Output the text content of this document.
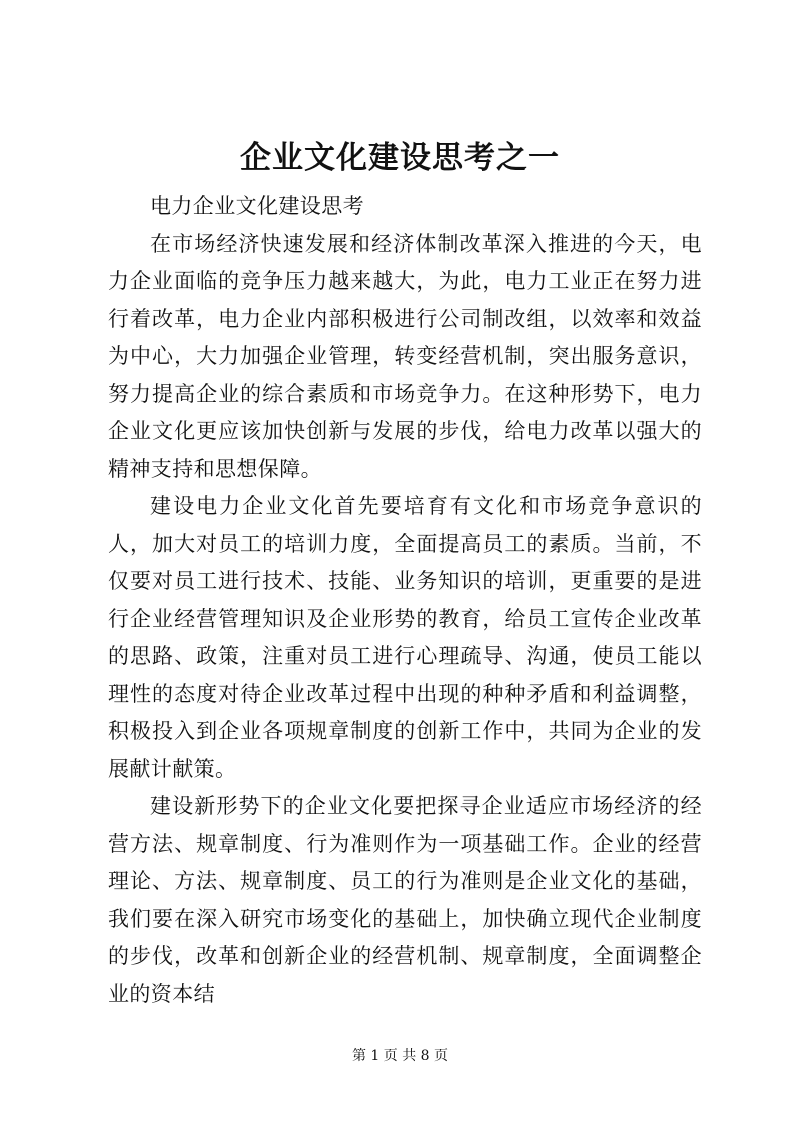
企业文化建设思考之一

电力企业文化建设思考

在市场经济快速发展和经济体制改革深入推进的今天，电力企业面临的竞争压力越来越大，为此，电力工业正在努力进行着改革，电力企业内部积极进行公司制改组，以效率和效益为中心，大力加强企业管理，转变经营机制，突出服务意识，努力提高企业的综合素质和市场竞争力。在这种形势下，电力企业文化更应该加快创新与发展的步伐，给电力改革以强大的精神支持和思想保障。

建设电力企业文化首先要培育有文化和市场竞争意识的人，加大对员工的培训力度，全面提高员工的素质。当前，不仅要对员工进行技术、技能、业务知识的培训，更重要的是进行企业经营管理知识及企业形势的教育，给员工宣传企业改革的思路、政策，注重对员工进行心理疏导、沟通，使员工能以理性的态度对待企业改革过程中出现的种种矛盾和利益调整，积极投入到企业各项规章制度的创新工作中，共同为企业的发展献计献策。

建设新形势下的企业文化要把探寻企业适应市场经济的经营方法、规章制度、行为准则作为一项基础工作。企业的经营理论、方法、规章制度、员工的行为准则是企业文化的基础，我们要在深入研究市场变化的基础上，加快确立现代企业制度的步伐，改革和创新企业的经营机制、规章制度，全面调整企业的资本结

第 1 页 共 8 页
